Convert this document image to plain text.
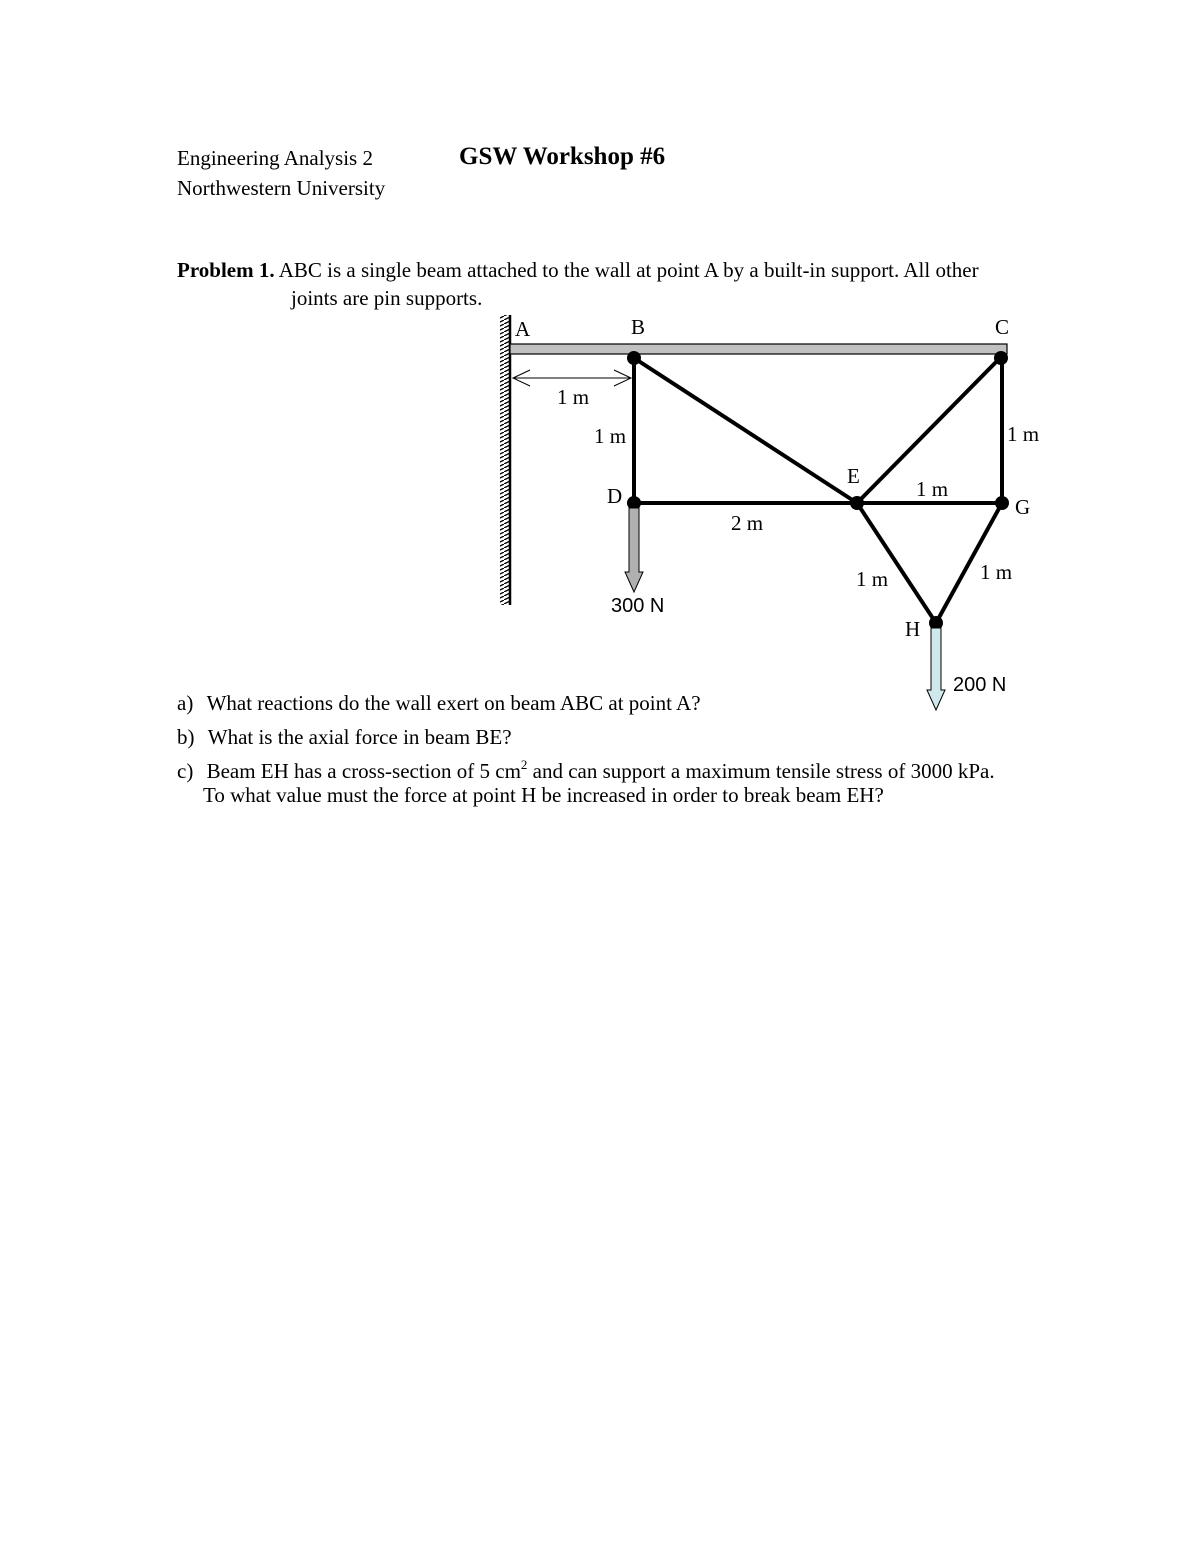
Engineering Analysis 2
Northwestern University
GSW Workshop #6
Problem 1. ABC is a single beam attached to the wall at point A by a built-in support. All other
joints are pin supports.
A	B	C
D
E
G
H
1 m
1 m	1 m
2 m
1 m
1 m	1 m
300 N
200 N
a) What reactions do the wall exert on beam ABC at point A?
b) What is the axial force in beam BE?
c) Beam EH has a cross-section of 5 $cm^2$ and can support a maximum tensile stress of 3000 kPa.
To what value must the force at point H be increased in order to break beam EH?
